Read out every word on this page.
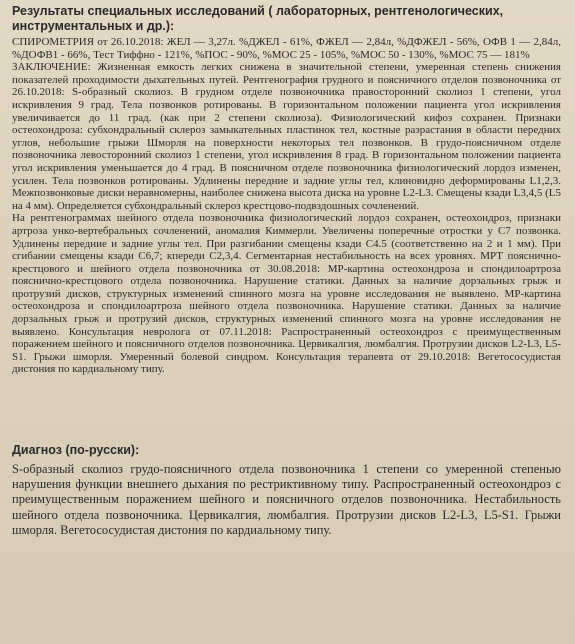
Результаты специальных исследований ( лабораторных, рентгенологических, инструментальных и др.):

СПИРОМЕТРИЯ от 26.10.2018: ЖЕЛ — 3,27л. %ДЖЕЛ - 61%, ФЖЕЛ — 2,84л, %ДФЖЕЛ - 56%, ОФВ 1 — 2,84л, %ДОФВ1 - 66%, Тест Тиффно - 121%, %ПОС - 90%, %МОС 25 - 105%, %МОС 50 - 130%, %МОС 75 — 181%

ЗАКЛЮЧЕНИЕ: Жизненная емкость легких снижена в значительной степени, умеренная степень снижения показателей проходимости дыхательных путей. Рентгенография грудного и поясничного отделов позвоночника от 26.10.2018: S-образный сколиоз. В грудном отделе позвоночника правосторонний сколиоз 1 степени, угол искривления 9 град. Тела позвонков ротированы. В горизонтальном положении пациента угол искривления увеличивается до 11 град. (как при 2 степени сколиоза). Физиологический кифоз сохранен. Признаки остеохондроза: субхондральный склероз замыкательных пластинок тел, костные разрастания в области передних углов, небольшие грыжи Шморля на поверхности некоторых тел позвонков. В грудо-поясничном отделе позвоночника левосторонний сколиоз 1 степени, угол искривления 8 град. В горизонтальном положении пациента угол искривления уменьшается до 4 град. В поясничном отделе позвоночника физиологический лордоз изменен, усилен. Тела позвонков ротированы. Удлинены передние и задние углы тел, клиновидно деформированы L1,2,3. Межпозвонковые диски неравномерны, наиболее снижена высота диска на уровне L2-L3. Смещены кзади L3,4,5 (L5 на 4 мм). Определяется субхондральный склероз крестцово-подвздошных сочленений.

На рентгенограммах шейного отдела позвоночника физиологический лордоз сохранен, остеохондроз, признаки артроза унко-вертебральных сочленений, аномалия Киммерли. Увеличены поперечные отростки у С7 позвонка. Удлинены передние и задние углы тел. При разгибании смещены кзади С4.5 (соответственно на 2 и 1 мм). При сгибании смещены кзади С6,7; кпереди С2,3,4. Сегментарная нестабильность на всех уровнях. МРТ пояснично-крестцового и шейного отдела позвоночника от 30.08.2018: МР-картина остеохондроза и спондилоартроза пояснично-крестцового отдела позвоночника. Нарушение статики. Данных за наличие дорзальных грыж и протрузий дисков, структурных изменений спинного мозга на уровне исследования не выявлено. МР-картина остеохондроза и спондилоартроза шейного отдела позвоночника. Нарушение статики. Данных за наличие дорзальных грыж и протрузий дисков, структурных изменений спинного мозга на уровне исследования не выявлено. Консультация невролога от 07.11.2018: Распространенный остеохондроз с преимущественным поражением шейного и поясничного отделов позвоночника. Цервикалгия, люмбалгия. Протрузии дисков L2-L3, L5-S1. Грыжи шморля. Умеренный болевой синдром. Консультация терапевта от 29.10.2018: Вегетососудистая дистония по кардиальному типу.

Диагноз (по-русски):

S-образный сколиоз грудо-поясничного отдела позвоночника 1 степени со умеренной степенью нарушения функции внешнего дыхания по рестриктивному типу. Распространенный остеохондроз с преимущественным поражением шейного и поясничного отделов позвоночника. Нестабильность шейного отдела позвоночника. Цервикалгия, люмбалгия. Протрузии дисков L2-L3, L5-S1. Грыжи шморля. Вегетососудистая дистония по кардиальному типу.
